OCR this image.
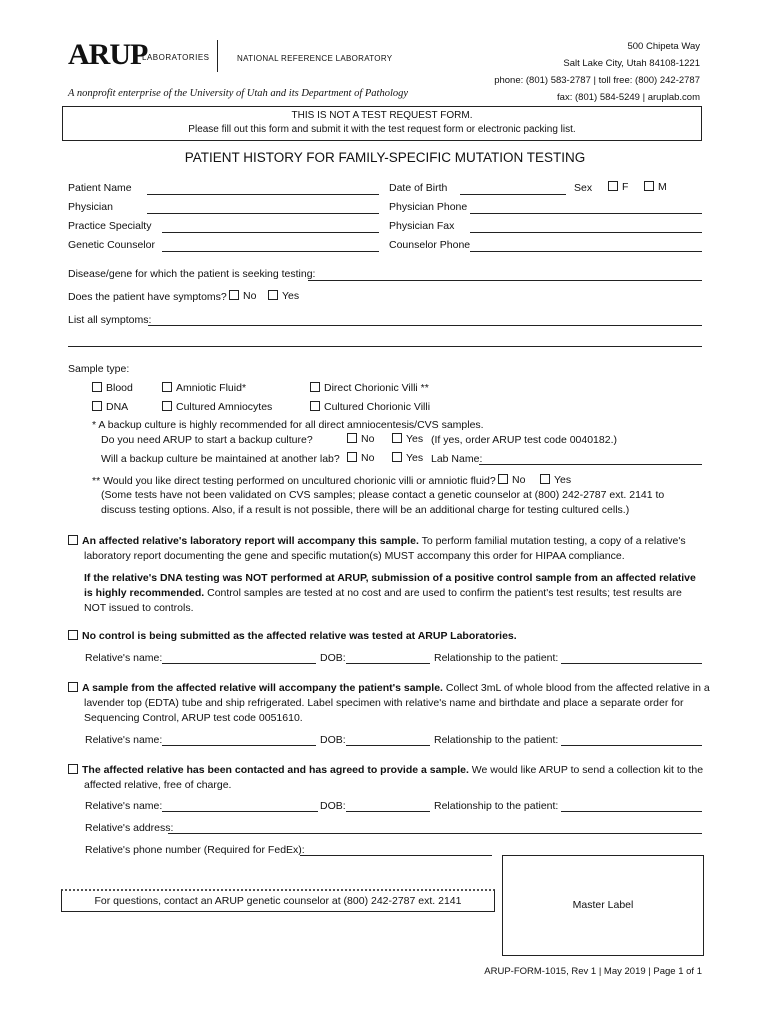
ARUP
LABORATORIES	NATIONAL REFERENCE LABORATORY
A nonprofit enterprise of the University of Utah and its Department of Pathology
500 Chipeta Way
Salt Lake City, Utah 84108-1221
phone: (801) 583-2787 | toll free: (800) 242-2787
fax: (801) 584-5249 | aruplab.com
THIS IS NOT A TEST REQUEST FORM.
Please fill out this form and submit it with the test request form or electronic packing list.
PATIENT HISTORY FOR FAMILY-SPECIFIC MUTATION TESTING
Patient Name	Date of Birth	Sex	F	M
Physician	Physician Phone
Practice Specialty	Physician Fax
Genetic Counselor	Counselor Phone
Disease/gene for which the patient is seeking testing:
Does the patient have symptoms?	No	Yes
List all symptoms:
Sample type:
Blood	Amniotic Fluid*	Direct Chorionic Villi **
DNA	Cultured Amniocytes	Cultured Chorionic Villi
* A backup culture is highly recommended for all direct amniocentesis/CVS samples.
Do you need ARUP to start a backup culture?	No	Yes (If yes, order ARUP test code 0040182.)
Will a backup culture be maintained at another lab?	No	Yes Lab Name:
** Would you like direct testing performed on uncultured chorionic villi or amniotic fluid?	No	Yes
(Some tests have not been validated on CVS samples; please contact a genetic counselor at (800) 242-2787 ext. 2141 to discuss testing options. Also, if a result is not possible, there will be an additional charge for testing cultured cells.)
An affected relative's laboratory report will accompany this sample. To perform familial mutation testing, a copy of a relative's laboratory report documenting the gene and specific mutation(s) MUST accompany this order for HIPAA compliance.
If the relative's DNA testing was NOT performed at ARUP, submission of a positive control sample from an affected relative is highly recommended. Control samples are tested at no cost and are used to confirm the patient's test results; test results are NOT issued to controls.
No control is being submitted as the affected relative was tested at ARUP Laboratories.
Relative's name:	DOB:	Relationship to the patient:
A sample from the affected relative will accompany the patient's sample. Collect 3mL of whole blood from the affected relative in a lavender top (EDTA) tube and ship refrigerated. Label specimen with relative's name and birthdate and place a separate order for Sequencing Control, ARUP test code 0051610.
Relative's name:	DOB:	Relationship to the patient:
The affected relative has been contacted and has agreed to provide a sample. We would like ARUP to send a collection kit to the affected relative, free of charge.
Relative's name:	DOB:	Relationship to the patient:
Relative's address:
Relative's phone number (Required for FedEx):
For questions, contact an ARUP genetic counselor at (800) 242-2787 ext. 2141	Master Label
ARUP-FORM-1015, Rev 1 | May 2019 | Page 1 of 1
